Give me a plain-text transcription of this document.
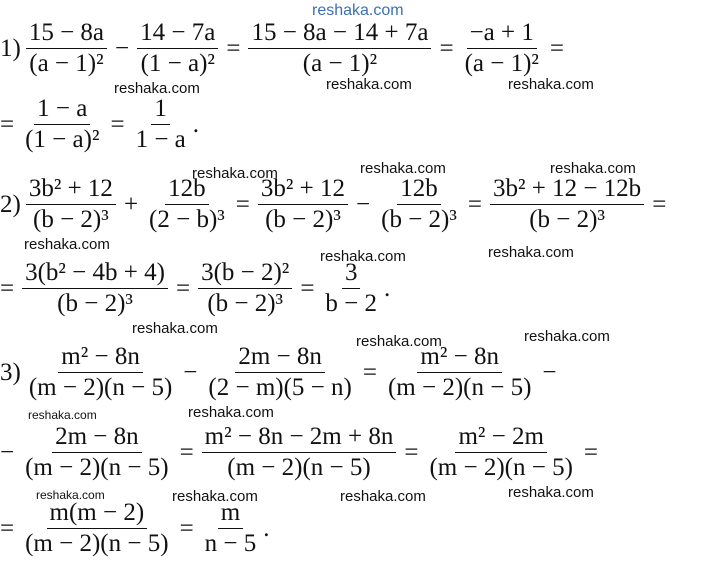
reshaka.com
reshaka.com	reshaka.com	reshaka.com
reshaka.com	reshaka.com	reshaka.com
reshaka.com
reshaka.com	reshaka.com
reshaka.com
reshaka.com	reshaka.com
reshaka.com	reshaka.com
reshaka.com	reshaka.com	reshaka.com	reshaka.com
$1) \frac{15 - 8a}{\text{(a − 1)²}} - \frac{14 - 7a}{\text{(1 − a)²}} = \frac{15 - 8a - 14 + 7a}{\text{(a − 1)²}} = \frac{-a + 1}{\text{(a − 1)²}}$ =
= $\frac{1 - a}{\text{(1 − a)²}} = \frac{1}{1 - a}$ .
$2) \frac{\text{3b² + 12}}{\text{(b − 2)³}} + \frac{12b}{\text{(2 − b)³}} = \frac{\text{3b² + 12}}{\text{(b − 2)³}} - \frac{12b}{\text{(b − 2)³}} = \frac{\text{3b² + 12 − 12b}}{\text{(b − 2)³}}$ =
= $\frac{\text{3(b² − 4b + 4)}}{\text{(b − 2)³}} = \frac{\text{3(b − 2)²}}{\text{(b − 2)³}} = \frac{3}{b - 2}$ .
$3) \frac{\text{m² − 8n}}{(m - 2)(n - 5)} - \frac{2m - 8n}{(2 - m)(5 - n)} = \frac{\text{m² − 8n}}{(m - 2)(n - 5)}$ −
− $\frac{2m - 8n}{(m - 2)(n - 5)} = \frac{\text{m² − 8n − 2m + 8n}}{(m - 2)(n - 5)} = \frac{\text{m² − 2m}}{(m - 2)(n - 5)}$ =
= $\frac{m(m - 2)}{(m - 2)(n - 5)} = \frac{m}{n - 5}$ .
